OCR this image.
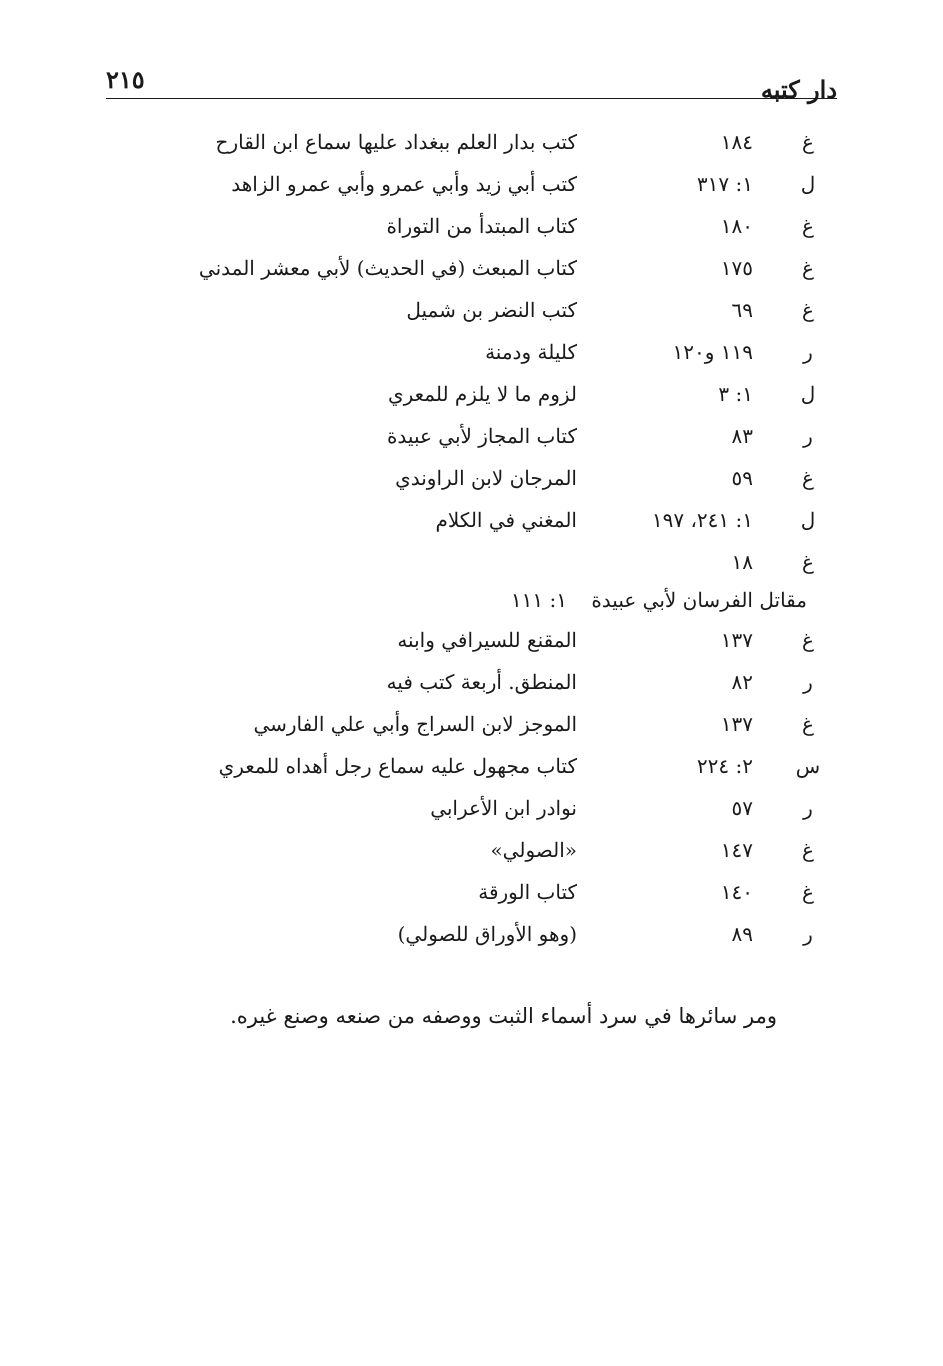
دار كتبه
٢١٥
غ
١٨٤
كتب بدار العلم ببغداد عليها سماع ابن القارح
ل
١: ٣١٧
كتب أبي زيد وأبي عمرو وأبي عمرو الزاهد
غ
١٨٠
كتاب المبتدأ من التوراة
غ
١٧٥
كتاب المبعث (في الحديث) لأبي معشر المدني
غ
٦٩
كتب النضر بن شميل
ر
١١٩ و١٢٠
كليلة ودمنة
ل
١: ٣
لزوم ما لا يلزم للمعري
ر
٨٣
كتاب المجاز لأبي عبيدة
غ
٥٩
المرجان لابن الراوندي
ل
١: ٢٤١، ١٩٧
المغني في الكلام
غ
١٨
١: ١١١ مقاتل الفرسان لأبي عبيدة
غ
١٣٧
المقنع للسيرافي وابنه
ر
٨٢
المنطق. أربعة كتب فيه
غ
١٣٧
الموجز لابن السراج وأبي علي الفارسي
س
٢: ٢٢٤
كتاب مجهول عليه سماع رجل أهداه للمعري
ر
٥٧
نوادر ابن الأعرابي
غ
١٤٧
«الصولي»
غ
١٤٠
كتاب الورقة
ر
٨٩
(وهو الأوراق للصولي)
ومر سائرها في سرد أسماء الثبت ووصفه من صنعه وصنع غيره.
